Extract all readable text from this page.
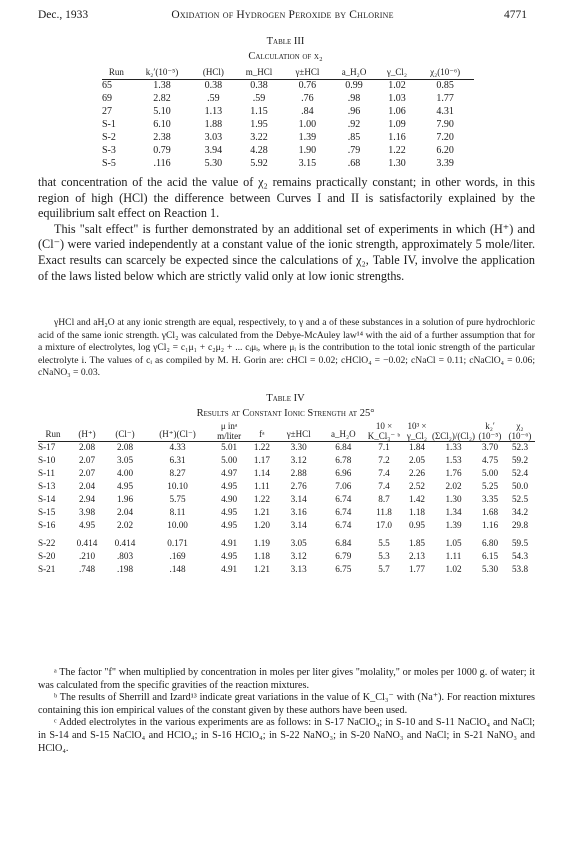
Dec., 1933	Oxidation of Hydrogen Peroxide by Chlorine	4771
Table III
Calculation of χ₂
Run	k₂′(10⁻⁵)	(HCl)	m_HCl	γ±HCl	a_H₂O	γ_Cl₂	χ₂(10⁻⁶)
65	1.38	0.38	0.38	0.76	0.99	1.02	0.85
69	2.82	.59	.59	.76	.98	1.03	1.77
27	5.10	1.13	1.15	.84	.96	1.06	4.31
S-1	6.10	1.88	1.95	1.00	.92	1.09	7.90
S-2	2.38	3.03	3.22	1.39	.85	1.16	7.20
S-3	0.79	3.94	4.28	1.90	.79	1.22	6.20
S-5	.116	5.30	5.92	3.15	.68	1.30	3.39

that concentration of the acid the value of χ₂ remains practically constant; in other words, in this region of high (HCl) the difference between Curves I and II is satisfactorily explained by the equilibrium salt effect on Reaction 1.

This "salt effect" is further demonstrated by an additional set of experiments in which (H⁺) and (Cl⁻) were varied independently at a constant value of the ionic strength, approximately 5 mole/liter. Exact results can scarcely be expected since the calculations of χ₂, Table IV, involve the application of the laws listed below which are strictly valid only at low ionic strengths.

γHCl and aH₂O at any ionic strength are equal, respectively, to γ and a of these substances in a solution of pure hydrochloric acid of the same ionic strength. γCl₂ was calculated from the Debye-McAuley law¹⁴ with the aid of a further assumption that for a mixture of electrolytes, log γCl₂ = c₁μ₁ + c₂μ₂ + ... cᵢμᵢ, where μᵢ is the contribution to the total ionic strength of the particular electrolyte i. The values of cᵢ as compiled by M. H. Gorin are: cHCl = 0.02; cHClO₄ = −0.02; cNaCl = 0.11; cNaClO₄ = 0.06; cNaNO₃ = 0.03.

Table IV
Results at Constant Ionic Strength at 25°
Run	(H⁺)	(Cl⁻)	(H⁺)(Cl⁻)	μ inᵃ m/liter	fᵃ	γ±HCl	a_H₂O	10 × K_Cl₃⁻ ᵇ	10³ × γ_Cl₂	(ΣCl₂)/(Cl₂)	k₂′ (10⁻⁵)	χ₂ (10⁻⁶)
S-17	2.08	2.08	4.33	5.01	1.22	3.30	6.84	7.1	1.84	1.33	3.70	52.3
S-10	2.07	3.05	6.31	5.00	1.17	3.12	6.78	7.2	2.05	1.53	4.75	59.2
S-11	2.07	4.00	8.27	4.97	1.14	2.88	6.96	7.4	2.26	1.76	5.00	52.4
S-13	2.04	4.95	10.10	4.95	1.11	2.76	7.06	7.4	2.52	2.02	5.25	50.0
S-14	2.94	1.96	5.75	4.90	1.22	3.14	6.74	8.7	1.42	1.30	3.35	52.5
S-15	3.98	2.04	8.11	4.95	1.21	3.16	6.74	11.8	1.18	1.34	1.68	34.2
S-16	4.95	2.02	10.00	4.95	1.20	3.14	6.74	17.0	0.95	1.39	1.16	29.8

S-22	0.414	0.414	0.171	4.91	1.19	3.05	6.84	5.5	1.85	1.05	6.80	59.5
S-20	.210	.803	.169	4.95	1.18	3.12	6.79	5.3	2.13	1.11	6.15	54.3
S-21	.748	.198	.148	4.91	1.21	3.13	6.75	5.7	1.77	1.02	5.30	53.8

ᵃ The factor "f" when multiplied by concentration in moles per liter gives "molality," or moles per 1000 g. of water; it was calculated from the specific gravities of the reaction mixtures.

ᵇ The results of Sherrill and Izard¹³ indicate great variations in the value of K_Cl₃⁻ with (Na⁺). For reaction mixtures containing this ion empirical values of the constant given by these authors have been used.

ᶜ Added electrolytes in the various experiments are as follows: in S-17 NaClO₄; in S-10 and S-11 NaClO₄ and NaCl; in S-14 and S-15 NaClO₄ and HClO₄; in S-16 HClO₄; in S-22 NaNO₃; in S-20 NaNO₃ and NaCl; in S-21 NaNO₃ and HClO₄.
